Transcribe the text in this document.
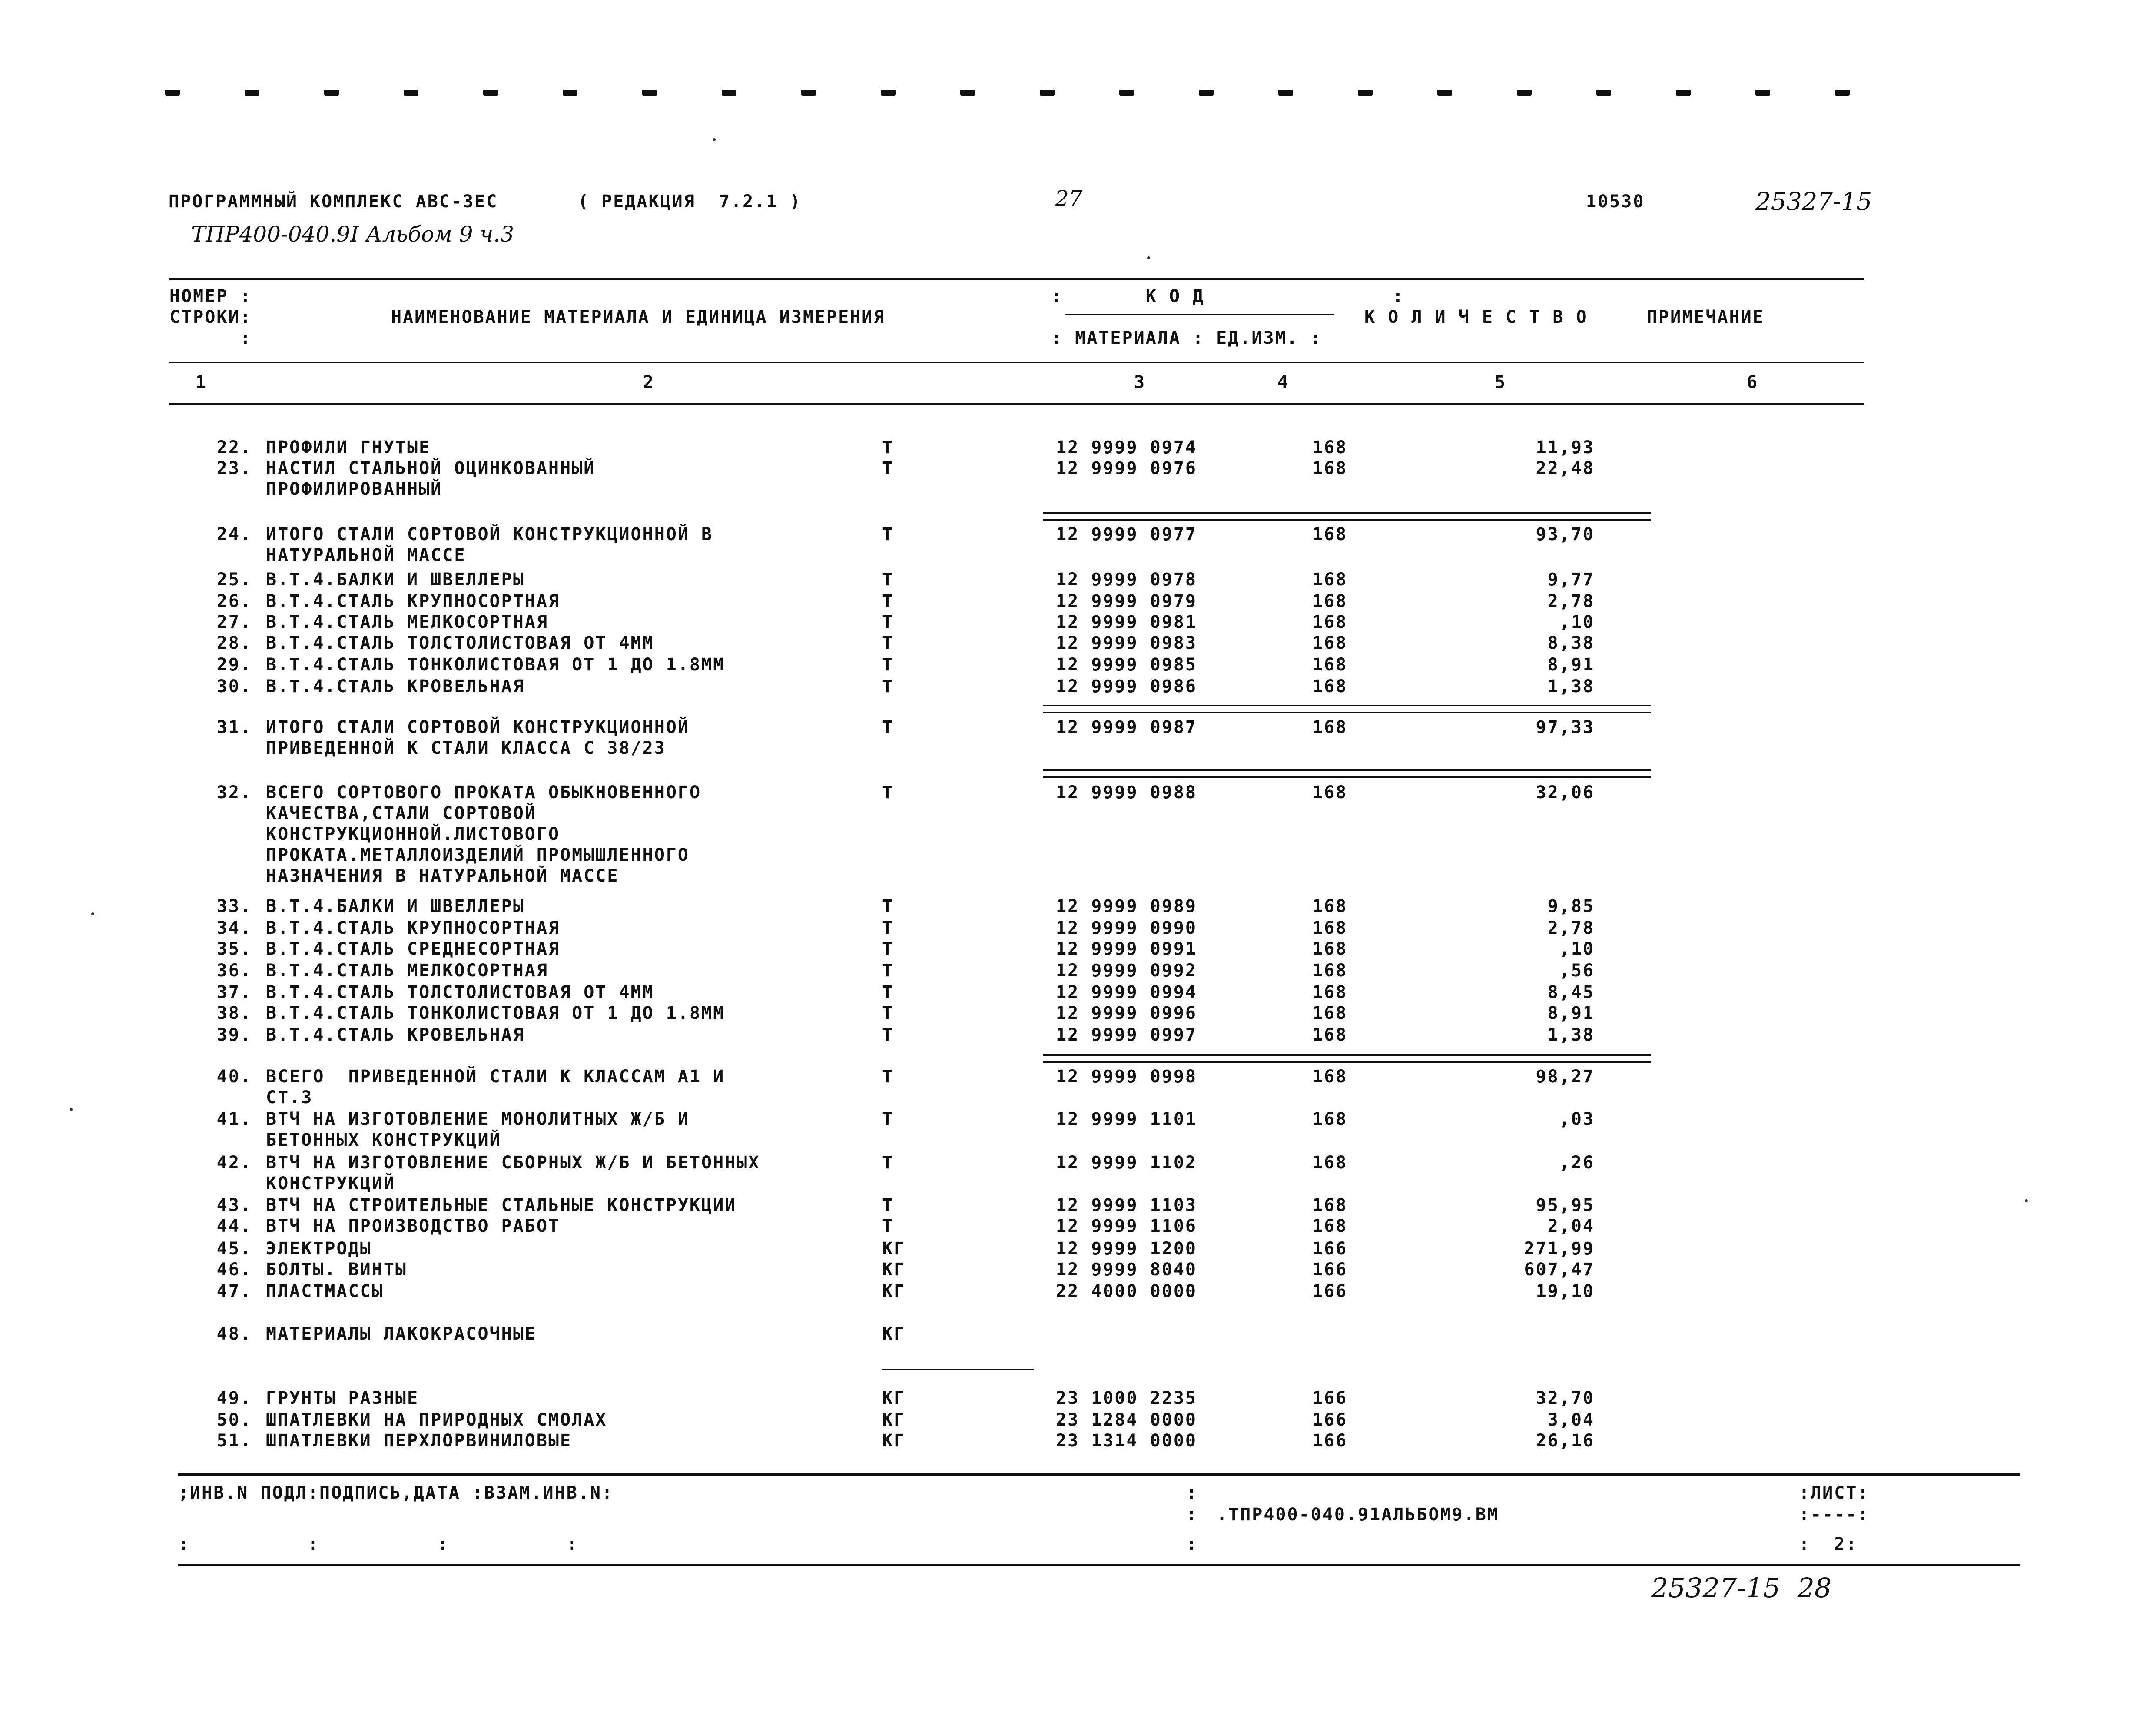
ПРОГРАММНЫЙ КОМПЛЕКС АВС-3ЕС	( РЕДАКЦИЯ  7.2.1 )	27	10530	25327-15
ТПР400-040.9I Альбом 9 ч.3
НОМЕР :
СТРОКИ:
:
НАИМЕНОВАНИЕ МАТЕРИАЛА И ЕДИНИЦА ИЗМЕРЕНИЯ
:       К О Д                :
: МАТЕРИАЛА : ЕД.ИЗМ. :
К О Л И Ч Е С Т В О	ПРИМЕЧАНИЕ
1	2	3	4	5	6
22. ПРОФИЛИ ГНУТЫЕ	Т	12 9999 0974	168	11,93
23. НАСТИЛ СТАЛЬНОЙ ОЦИНКОВАННЫЙ
ПРОФИЛИРОВАННЫЙ
Т	12 9999 0976	168	22,48
24. ИТОГО СТАЛИ СОРТОВОЙ КОНСТРУКЦИОННОЙ В
НАТУРАЛЬНОЙ МАССЕ
Т	12 9999 0977	168	93,70
25. В.Т.4.БАЛКИ И ШВЕЛЛЕРЫ	Т	12 9999 0978	168	9,77
26. В.Т.4.СТАЛЬ КРУПНОСОРТНАЯ	Т	12 9999 0979	168	2,78
27. В.Т.4.СТАЛЬ МЕЛКОСОРТНАЯ	Т	12 9999 0981	168	,10
28. В.Т.4.СТАЛЬ ТОЛСТОЛИСТОВАЯ ОТ 4ММ	Т	12 9999 0983	168	8,38
29. В.Т.4.СТАЛЬ ТОНКОЛИСТОВАЯ ОТ 1 ДО 1.8ММ	Т	12 9999 0985	168	8,91
30. В.Т.4.СТАЛЬ КРОВЕЛЬНАЯ	Т	12 9999 0986	168	1,38
31. ИТОГО СТАЛИ СОРТОВОЙ КОНСТРУКЦИОННОЙ
ПРИВЕДЕННОЙ К СТАЛИ КЛАССА С 38/23
Т	12 9999 0987	168	97,33
32. ВСЕГО СОРТОВОГО ПРОКАТА ОБЫКНОВЕННОГО
КАЧЕСТВА,СТАЛИ СОРТОВОЙ
КОНСТРУКЦИОННОЙ.ЛИСТОВОГО
ПРОКАТА.МЕТАЛЛОИЗДЕЛИЙ ПРОМЫШЛЕННОГО
НАЗНАЧЕНИЯ В НАТУРАЛЬНОЙ МАССЕ
Т	12 9999 0988	168	32,06
33. В.Т.4.БАЛКИ И ШВЕЛЛЕРЫ	Т	12 9999 0989	168	9,85
34. В.Т.4.СТАЛЬ КРУПНОСОРТНАЯ	Т	12 9999 0990	168	2,78
35. В.Т.4.СТАЛЬ СРЕДНЕСОРТНАЯ	Т	12 9999 0991	168	,10
36. В.Т.4.СТАЛЬ МЕЛКОСОРТНАЯ	Т	12 9999 0992	168	,56
37. В.Т.4.СТАЛЬ ТОЛСТОЛИСТОВАЯ ОТ 4ММ	Т	12 9999 0994	168	8,45
38. В.Т.4.СТАЛЬ ТОНКОЛИСТОВАЯ ОТ 1 ДО 1.8ММ	Т	12 9999 0996	168	8,91
39. В.Т.4.СТАЛЬ КРОВЕЛЬНАЯ	Т	12 9999 0997	168	1,38
40. ВСЕГО  ПРИВЕДЕННОЙ СТАЛИ К КЛАССАМ А1 И
СТ.3
Т	12 9999 0998	168	98,27
41. ВТЧ НА ИЗГОТОВЛЕНИЕ МОНОЛИТНЫХ Ж/Б И
БЕТОННЫХ КОНСТРУКЦИЙ
Т	12 9999 1101	168	,03
42. ВТЧ НА ИЗГОТОВЛЕНИЕ СБОРНЫХ Ж/Б И БЕТОННЫХ
КОНСТРУКЦИЙ
Т	12 9999 1102	168	,26
43. ВТЧ НА СТРОИТЕЛЬНЫЕ СТАЛЬНЫЕ КОНСТРУКЦИИ	Т	12 9999 1103	168	95,95
44. ВТЧ НА ПРОИЗВОДСТВО РАБОТ	Т	12 9999 1106	168	2,04
45. ЭЛЕКТРОДЫ	КГ	12 9999 1200	166	271,99
46. БОЛТЫ. ВИНТЫ	КГ	12 9999 8040	166	607,47
47. ПЛАСТМАССЫ	КГ	22 4000 0000	166	19,10
48. МАТЕРИАЛЫ ЛАКОКРАСОЧНЫЕ	КГ
49. ГРУНТЫ РАЗНЫЕ	КГ	23 1000 2235	166	32,70
50. ШПАТЛЕВКИ НА ПРИРОДНЫХ СМОЛАХ	КГ	23 1284 0000	166	3,04
51. ШПАТЛЕВКИ ПЕРХЛОРВИНИЛОВЫЕ	КГ	23 1314 0000	166	26,16
;ИНВ.N ПОДЛ:ПОДПИСЬ,ДАТА :ВЗАМ.ИНВ.N:	:	:ЛИСТ:
: .ТПР400-040.91АЛЬБОМ9.ВМ	:----:
:          :          :          :	:	:  2:
25327-15  28
